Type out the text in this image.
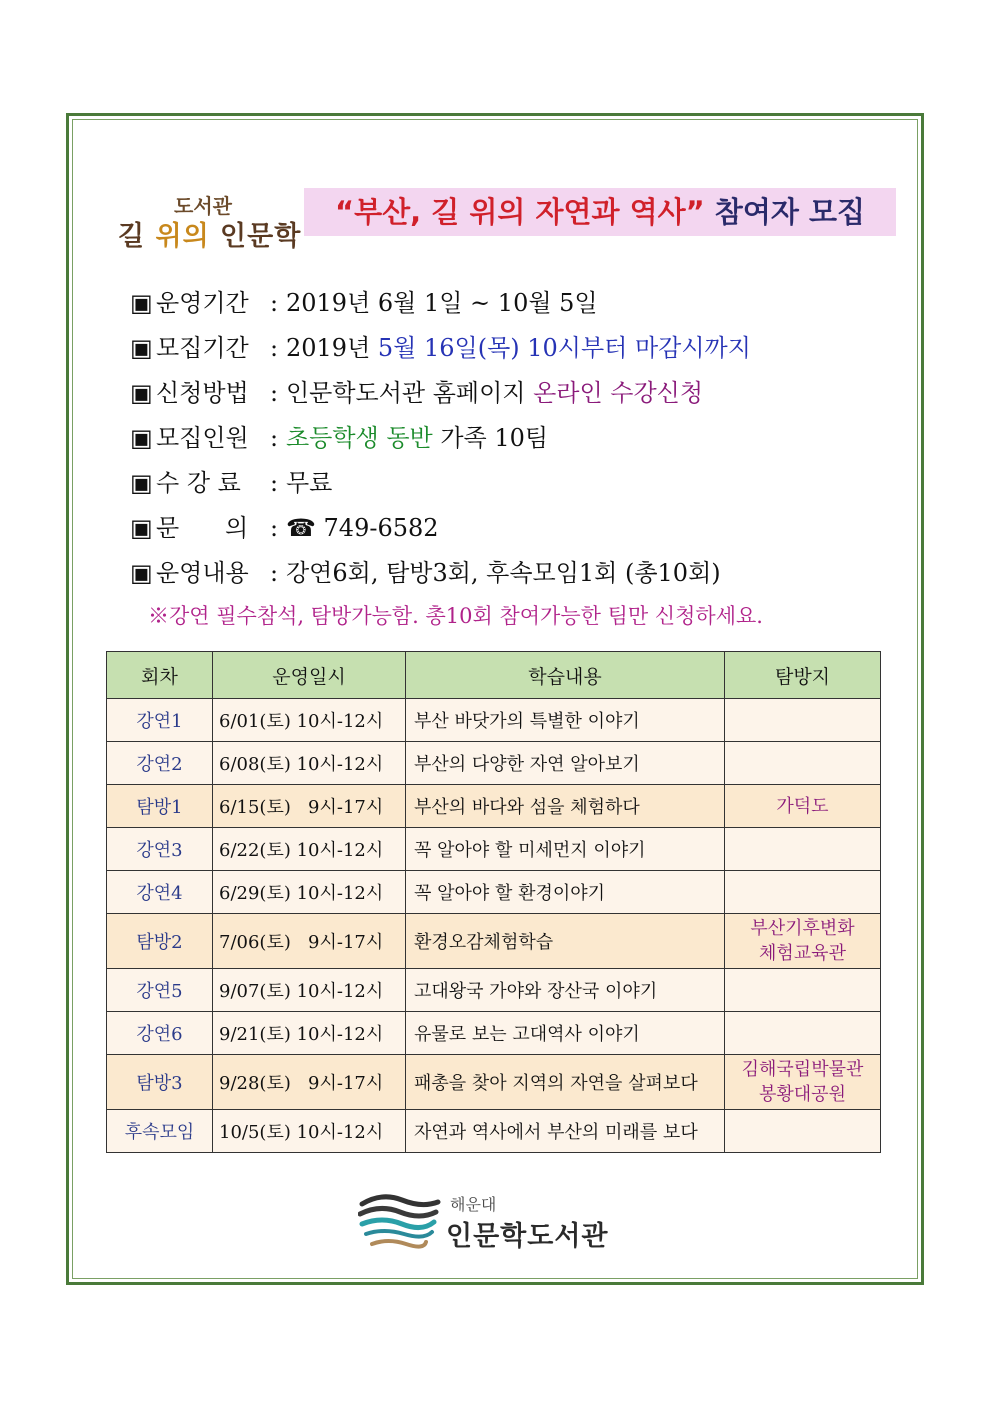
도서관
길 위의 인문학
“부산, 길 위의 자연과 역사” 참여자 모집
▣ 운영기간 : 2019년 6월 1일 ~ 10월 5일
▣ 모집기간 : 2019년 5월 16일(목) 10시부터 마감시까지
▣ 신청방법 : 인문학도서관 홈페이지 온라인 수강신청
▣ 모집인원 : 초등학생 동반 가족 10팀
▣ 수 강 료 : 무료
▣ 문      의 : ☎ 749-6582
▣ 운영내용 : 강연6회, 탐방3회, 후속모임1회 (총10회)
※강연 필수참석, 탐방가능함. 총10회 참여가능한 팀만 신청하세요.
회차	운영일시	학습내용	탐방지
강연1	6/01(토) 10시-12시	부산 바닷가의 특별한 이야기	

강연2	6/08(토) 10시-12시	부산의 다양한 자연 알아보기	

탐방1	6/15(토)   9시-17시	부산의 바다와 섬을 체험하다	가덕도

강연3	6/22(토) 10시-12시	꼭 알아야 할 미세먼지 이야기	

강연4	6/29(토) 10시-12시	꼭 알아야 할 환경이야기	

탐방2	7/06(토)   9시-17시	환경오감체험학습	부산기후변화
체험교육관

강연5	9/07(토) 10시-12시	고대왕국 가야와 장산국 이야기	

강연6	9/21(토) 10시-12시	유물로 보는 고대역사 이야기	

탐방3	9/28(토)   9시-17시	패총을 찾아 지역의 자연을 살펴보다	김해국립박물관
봉황대공원

후속모임	10/5(토) 10시-12시	자연과 역사에서 부산의 미래를 보다	
해운대
인문학도서관
